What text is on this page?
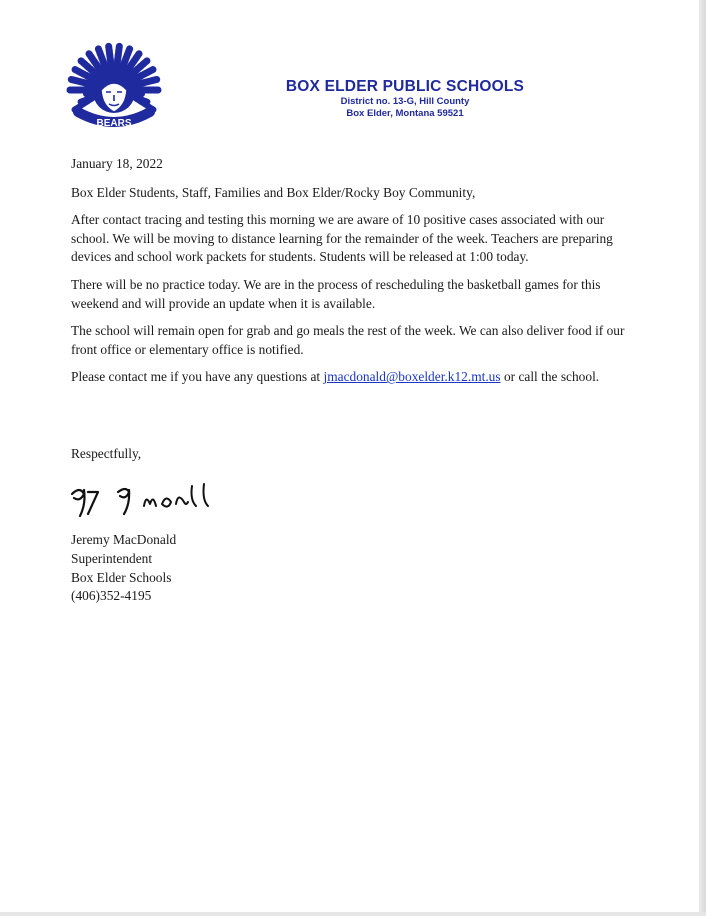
BEARS
BOX ELDER PUBLIC SCHOOLS
District no. 13-G, Hill County
Box Elder, Montana 59521

January 18, 2022

Box Elder Students, Staff, Families and Box Elder/Rocky Boy Community,

After contact tracing and testing this morning we are aware of 10 positive cases associated with our school. We will be moving to distance learning for the remainder of the week. Teachers are preparing devices and school work packets for students. Students will be released at 1:00 today.

There will be no practice today. We are in the process of rescheduling the basketball games for this weekend and will provide an update when it is available.

The school will remain open for grab and go meals the rest of the week. We can also deliver food if our front office or elementary office is notified.

Please contact me if you have any questions at jmacdonald@boxelder.k12.mt.us or call the school.

Respectfully,
Jeremy MacDonald
Superintendent
Box Elder Schools
(406)352-4195
